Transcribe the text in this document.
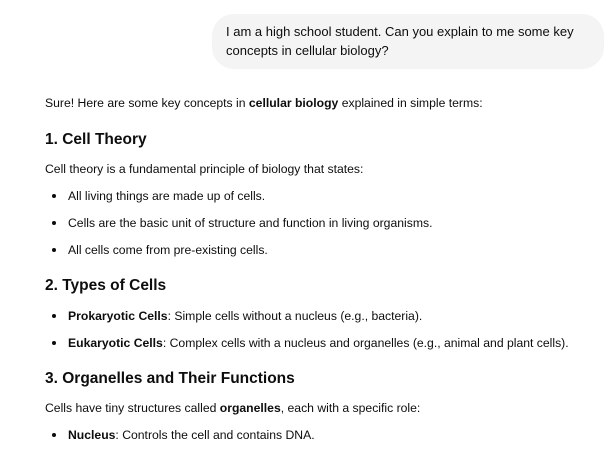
I am a high school student. Can you explain to me some key
concepts in cellular biology?

Sure! Here are some key concepts in cellular biology explained in simple terms:

1. Cell Theory

Cell theory is a fundamental principle of biology that states:

All living things are made up of cells.
Cells are the basic unit of structure and function in living organisms.
All cells come from pre-existing cells.
2. Types of Cells
Prokaryotic Cells: Simple cells without a nucleus (e.g., bacteria).
Eukaryotic Cells: Complex cells with a nucleus and organelles (e.g., animal and plant cells).
3. Organelles and Their Functions

Cells have tiny structures called organelles, each with a specific role:

Nucleus: Controls the cell and contains DNA.
